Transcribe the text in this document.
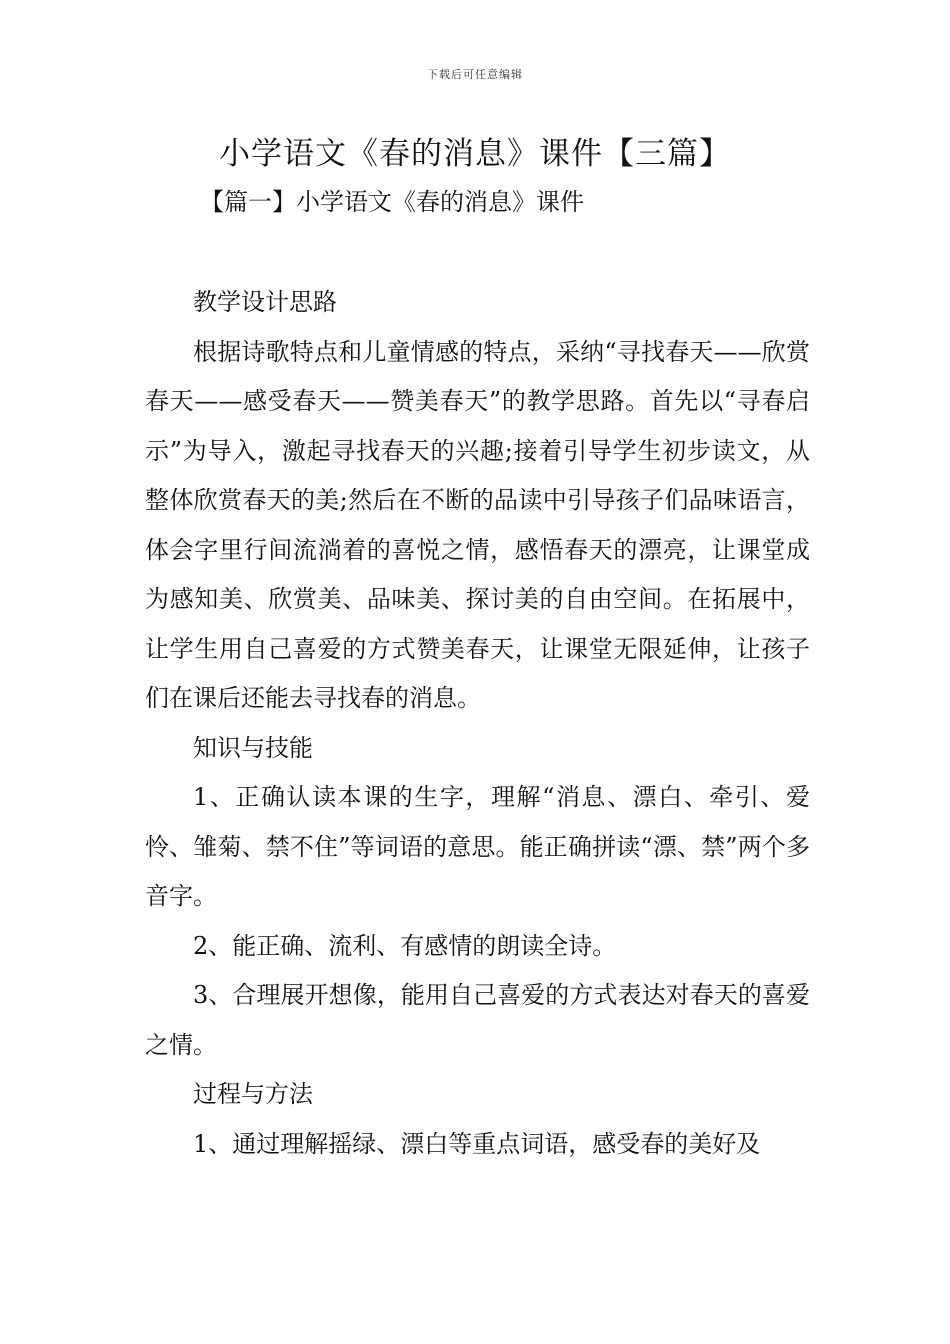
下载后可任意编辑
小学语文《春的消息》课件【三篇】
【篇一】小学语文《春的消息》课件

教学设计思路

根据诗歌特点和儿童情感的特点，采纳“寻找春天——欣赏春天——感受春天——赞美春天”的教学思路。首先以“寻春启示”为导入，激起寻找春天的兴趣;接着引导学生初步读文，从整体欣赏春天的美;然后在不断的品读中引导孩子们品味语言，体会字里行间流淌着的喜悦之情，感悟春天的漂亮，让课堂成为感知美、欣赏美、品味美、探讨美的自由空间。在拓展中，让学生用自己喜爱的方式赞美春天，让课堂无限延伸，让孩子们在课后还能去寻找春的消息。

知识与技能

1、正确认读本课的生字，理解“消息、漂白、牵引、爱怜、雏菊、禁不住”等词语的意思。能正确拼读“漂、禁”两个多音字。

2、能正确、流利、有感情的朗读全诗。

3、合理展开想像，能用自己喜爱的方式表达对春天的喜爱之情。

过程与方法

1、通过理解摇绿、漂白等重点词语，感受春的美好及
